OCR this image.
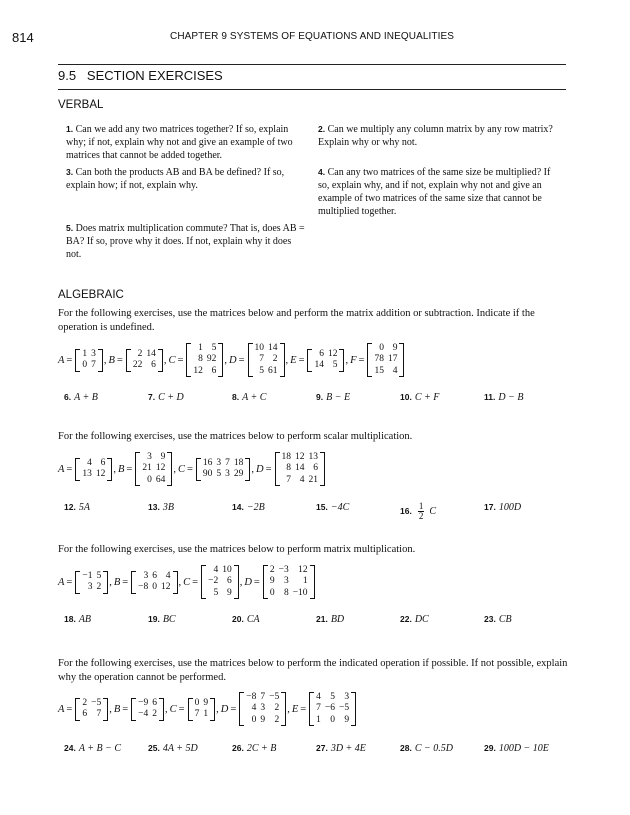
814	CHAPTER 9 SYSTEMS OF EQUATIONS AND INEQUALITIES
9.5   SECTION EXERCISES
VERBAL
1. Can we add any two matrices together? If so, explain why; if not, explain why not and give an example of two matrices that cannot be added together.
2. Can we multiply any column matrix by any row matrix? Explain why or why not.
3. Can both the products AB and BA be defined? If so, explain how; if not, explain why.
4. Can any two matrices of the same size be multiplied? If so, explain why, and if not, explain why not and give an example of two matrices of the same size that cannot be multiplied together.
5. Does matrix multiplication commute? That is, does AB = BA? If so, prove why it does. If not, explain why it does not.
ALGEBRAIC
For the following exercises, use the matrices below and perform the matrix addition or subtraction. Indicate if the operation is undefined.
A =
1	3
0	7 , B =
2	14
22	6 , C =
1	5
8	92
12	6
, D =
10	14
7	2
5	61
, E =
6	12
14	5 , F =
0	9
78	17
15	4
6. A + B	7. C + D	8. A + C	9. B − E	10. C + F	11. D − B
For the following exercises, use the matrices below to perform scalar multiplication.
A =
4	6
13	12 , B =
3	9
21	12
0	64
, C =
16	3	7	18
90	5	3	29 , D =
18	12	13
8	14	6
7	4	21
12. 5A	13. 3B	14. −2B	15. −4C	16. $\frac{1}{2}$ C	17. 100D
For the following exercises, use the matrices below to perform matrix multiplication.
A =
−1	5
3	2 , B =
3	6	4
−8	0	12 , C =
4	10
−2	6
5	9
, D =
2	−3	12
9	3	1
0	8	−10
18. AB	19. BC	20. CA	21. BD	22. DC	23. CB
For the following exercises, use the matrices below to perform the indicated operation if possible. If not possible, explain why the operation cannot be performed.
A =
2	−5
6	7 , B =
−9	6
−4	2 , C =
0	9
7	1 , D =
−8	7	−5
4	3	2
0	9	2
, E =
4	5	3
7	−6	−5
1	0	9
24. A + B − C	25. 4A + 5D	26. 2C + B	27. 3D + 4E	28. C − 0.5D	29. 100D − 10E
